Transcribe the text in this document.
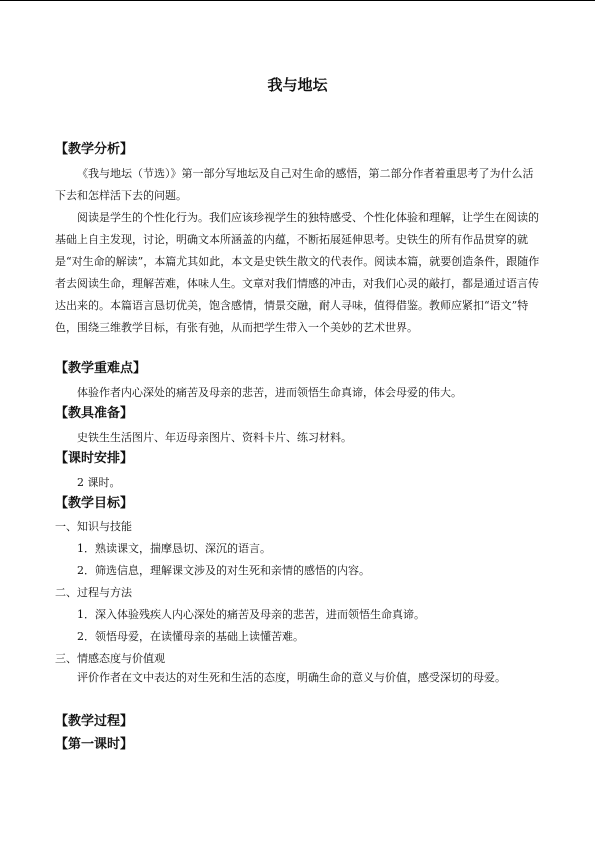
我与地坛
【教学分析】
《我与地坛（节选）》第一部分写地坛及自己对生命的感悟，第二部分作者着重思考了为什么活下去和怎样活下去的问题。
阅读是学生的个性化行为。我们应该珍视学生的独特感受、个性化体验和理解，让学生在阅读的基础上自主发现，讨论，明确文本所涵盖的内蕴，不断拓展延伸思考。史铁生的所有作品贯穿的就是“对生命的解读”，本篇尤其如此，本文是史铁生散文的代表作。阅读本篇，就要创造条件，跟随作者去阅读生命，理解苦难，体味人生。文章对我们情感的冲击，对我们心灵的敲打，都是通过语言传达出来的。本篇语言恳切优美，饱含感情，情景交融，耐人寻味，值得借鉴。教师应紧扣“语文”特色，围绕三维教学目标，有张有弛，从而把学生带入一个美妙的艺术世界。
【教学重难点】
体验作者内心深处的痛苦及母亲的悲苦，进而领悟生命真谛，体会母爱的伟大。
【教具准备】
史铁生生活图片、年迈母亲图片、资料卡片、练习材料。
【课时安排】
2 课时。
【教学目标】
一、知识与技能
1．熟读课文，揣摩恳切、深沉的语言。
2．筛选信息，理解课文涉及的对生死和亲情的感悟的内容。
二、过程与方法
1．深入体验残疾人内心深处的痛苦及母亲的悲苦，进而领悟生命真谛。
2．领悟母爱，在读懂母亲的基础上读懂苦难。
三、情感态度与价值观
评价作者在文中表达的对生死和生活的态度，明确生命的意义与价值，感受深切的母爱。
【教学过程】
【第一课时】
